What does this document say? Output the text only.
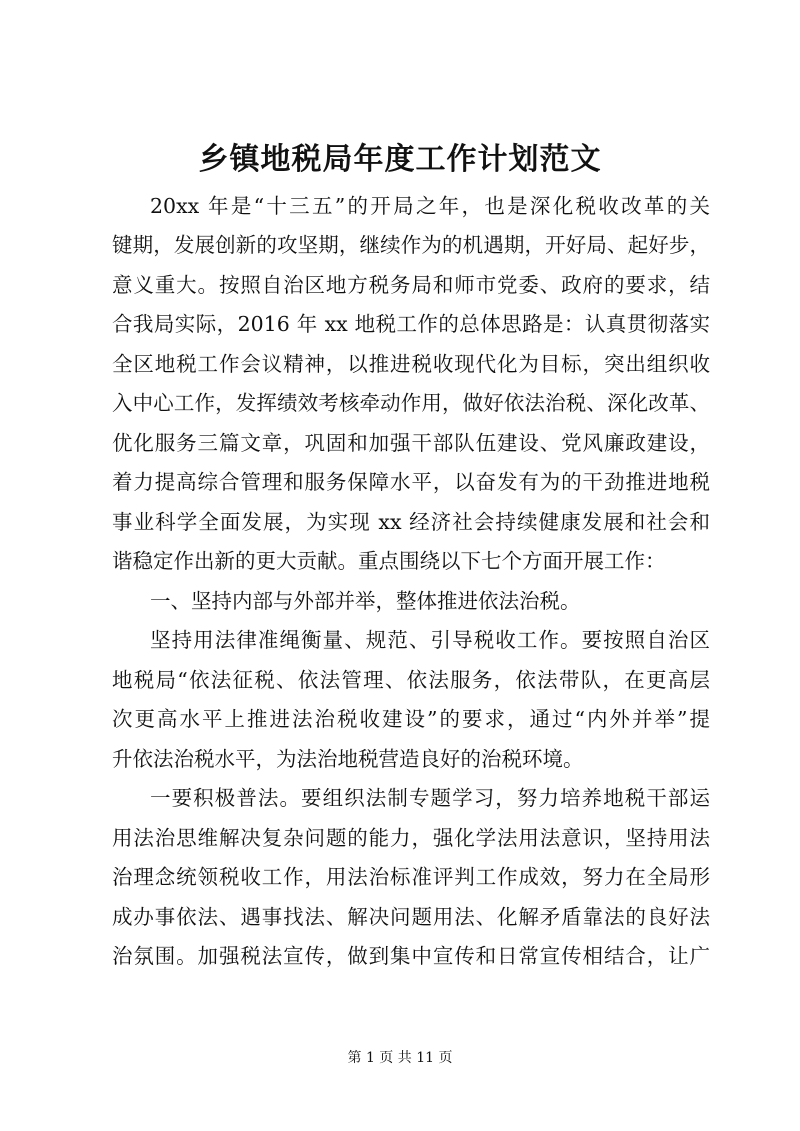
乡镇地税局年度工作计划范文
20xx 年是“十三五”的开局之年，也是深化税收改革的关
键期，发展创新的攻坚期，继续作为的机遇期，开好局、起好步，
意义重大。按照自治区地方税务局和师市党委、政府的要求，结
合我局实际，2016 年 xx 地税工作的总体思路是：认真贯彻落实
全区地税工作会议精神，以推进税收现代化为目标，突出组织收
入中心工作，发挥绩效考核牵动作用，做好依法治税、深化改革、
优化服务三篇文章，巩固和加强干部队伍建设、党风廉政建设，
着力提高综合管理和服务保障水平，以奋发有为的干劲推进地税
事业科学全面发展，为实现 xx 经济社会持续健康发展和社会和
谐稳定作出新的更大贡献。重点围绕以下七个方面开展工作：
一、坚持内部与外部并举，整体推进依法治税。
坚持用法律准绳衡量、规范、引导税收工作。要按照自治区
地税局“依法征税、依法管理、依法服务，依法带队，在更高层
次更高水平上推进法治税收建设”的要求，通过“内外并举”提
升依法治税水平，为法治地税营造良好的治税环境。
一要积极普法。要组织法制专题学习，努力培养地税干部运
用法治思维解决复杂问题的能力，强化学法用法意识，坚持用法
治理念统领税收工作，用法治标准评判工作成效，努力在全局形
成办事依法、遇事找法、解决问题用法、化解矛盾靠法的良好法
治氛围。加强税法宣传，做到集中宣传和日常宣传相结合，让广
第 1 页 共 11 页
